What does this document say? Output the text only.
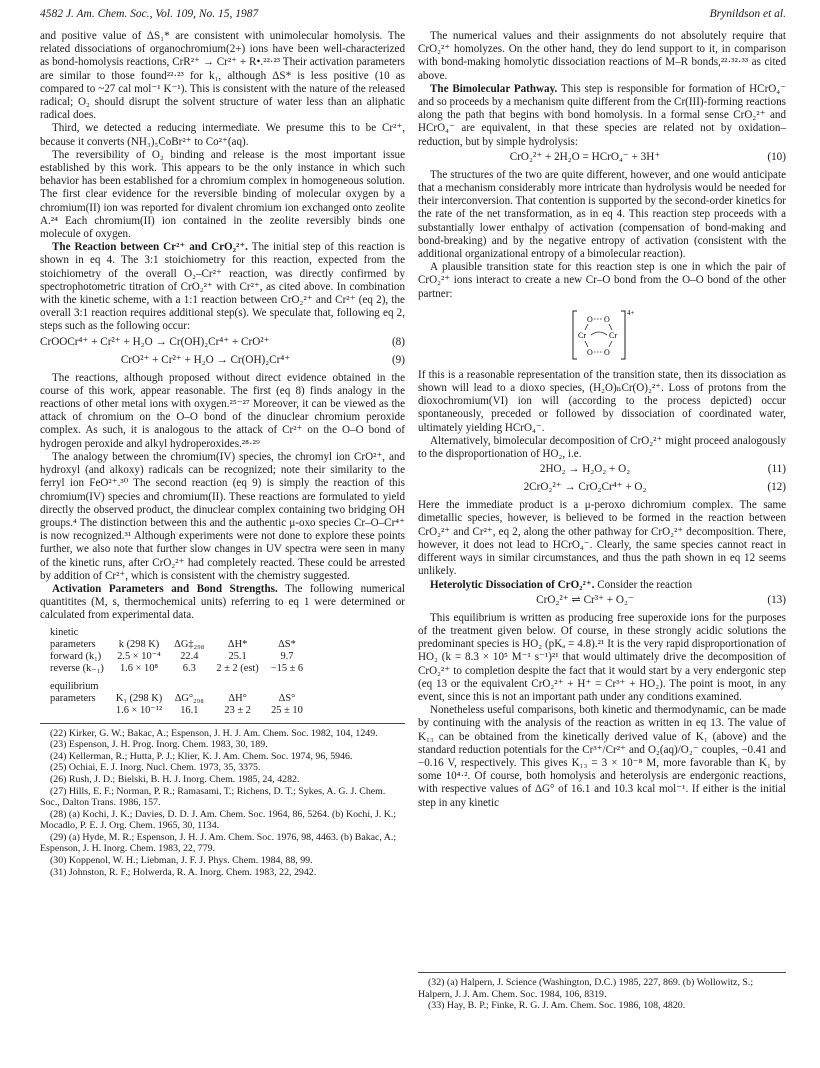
4582 J. Am. Chem. Soc., Vol. 109, No. 15, 1987	Brynildson et al.

and positive value of ΔS₁* are consistent with unimolecular homolysis. The related dissociations of organochromium(2+) ions have been well-characterized as bond-homolysis reactions, CrR²⁺ → Cr²⁺ + R•.²²·²³ Their activation parameters are similar to those found²²·²³ for k₁, although ΔS* is less positive (10 as compared to ~27 cal mol⁻¹ K⁻¹). This is consistent with the nature of the released radical; O₂ should disrupt the solvent structure of water less than an aliphatic radical does.

Third, we detected a reducing intermediate. We presume this to be Cr²⁺, because it converts (NH₃)₅CoBr²⁺ to Co²⁺(aq).

The reversibility of O₂ binding and release is the most important issue established by this work. This appears to be the only instance in which such behavior has been established for a chromium complex in homogeneous solution. The first clear evidence for the reversible binding of molecular oxygen by a chromium(II) ion was reported for divalent chromium ion exchanged onto zeolite A.²⁴ Each chromium(II) ion contained in the zeolite reversibly binds one molecule of oxygen.

The Reaction between Cr²⁺ and CrO₂²⁺. The initial step of this reaction is shown in eq 4. The 3:1 stoichiometry for this reaction, expected from the stoichiometry of the overall O₂–Cr²⁺ reaction, was directly confirmed by spectrophotometric titration of CrO₂²⁺ with Cr²⁺, as cited above. In combination with the kinetic scheme, with a 1:1 reaction between CrO₂²⁺ and Cr²⁺ (eq 2), the overall 3:1 reaction requires additional step(s). We speculate that, following eq 2, steps such as the following occur:

CrOOCr⁴⁺ + Cr²⁺ + H₂O → Cr(OH)₂Cr⁴⁺ + CrO²⁺	(8)
CrO²⁺ + Cr²⁺ + H₂O → Cr(OH)₂Cr⁴⁺	(9)

The reactions, although proposed without direct evidence obtained in the course of this work, appear reasonable. The first (eq 8) finds analogy in the reactions of other metal ions with oxygen.²⁵⁻²⁷ Moreover, it can be viewed as the attack of chromium on the O–O bond of the dinuclear chromium peroxide complex. As such, it is analogous to the attack of Cr²⁺ on the O–O bond of hydrogen peroxide and alkyl hydroperoxides.²⁸·²⁹

The analogy between the chromium(IV) species, the chromyl ion CrO²⁺, and hydroxyl (and alkoxy) radicals can be recognized; note their similarity to the ferryl ion FeO²⁺.³⁰ The second reaction (eq 9) is simply the reaction of this chromium(IV) species and chromium(II). These reactions are formulated to yield directly the observed product, the dinuclear complex containing two bridging OH groups.⁴ The distinction between this and the authentic μ-oxo species Cr–O–Cr⁴⁺ is now recognized.³¹ Although experiments were not done to explore these points further, we also note that further slow changes in UV spectra were seen in many of the kinetic runs, after CrO₂²⁺ had completely reacted. These could be arrested by addition of Cr²⁺, which is consistent with the chemistry suggested.

Activation Parameters and Bond Strengths. The following numerical quantitites (M, s, thermochemical units) referring to eq 1 were determined or calculated from experimental data.

kinetic				
parameters	k (298 K)	ΔG‡₂₉₈	ΔH*	ΔS*
forward (k₁)	2.5 × 10⁻⁴	22.4	25.1	9.7
reverse (k₋₁)	1.6 × 10⁸	6.3	2 ± 2 (est)	−15 ± 6

equilibrium				
parameters	K₁ (298 K)	ΔG°₂₉₈	ΔH°	ΔS°
	1.6 × 10⁻¹²	16.1	23 ± 2	25 ± 10
(22) Kirker, G. W.; Bakac, A.; Espenson, J. H. J. Am. Chem. Soc. 1982, 104, 1249.
(23) Espenson, J. H. Prog. Inorg. Chem. 1983, 30, 189.
(24) Kellerman, R.; Hutta, P. J.; Klier, K. J. Am. Chem. Soc. 1974, 96, 5946.
(25) Ochiai, E. J. Inorg. Nucl. Chem. 1973, 35, 3375.
(26) Rush, J. D.; Bielski, B. H. J. Inorg. Chem. 1985, 24, 4282.
(27) Hills, E. F.; Norman, P. R.; Ramasami, T.; Richens, D. T.; Sykes, A. G. J. Chem. Soc., Dalton Trans. 1986, 157.
(28) (a) Kochi, J. K.; Davies, D. D. J. Am. Chem. Soc. 1964, 86, 5264. (b) Kochi, J. K.; Mocadlo, P. E. J. Org. Chem. 1965, 30, 1134.
(29) (a) Hyde, M. R.; Espenson, J. H. J. Am. Chem. Soc. 1976, 98, 4463. (b) Bakac, A.; Espenson, J. H. Inorg. Chem. 1983, 22, 779.
(30) Koppenol, W. H.; Liebman, J. F. J. Phys. Chem. 1984, 88, 99.
(31) Johnston, R. F.; Holwerda, R. A. Inorg. Chem. 1983, 22, 2942.

The numerical values and their assignments do not absolutely require that CrO₂²⁺ homolyzes. On the other hand, they do lend support to it, in comparison with bond-making homolytic dissociation reactions of M–R bonds,²²·³²·³³ as cited above.

The Bimolecular Pathway. This step is responsible for formation of HCrO₄⁻ and so proceeds by a mechanism quite different from the Cr(III)-forming reactions along the path that begins with bond homolysis. In a formal sense CrO₂²⁺ and HCrO₄⁻ are equivalent, in that these species are related not by oxidation–reduction, but by simple hydrolysis:

CrO₂²⁺ + 2H₂O = HCrO₄⁻ + 3H⁺	(10)

The structures of the two are quite different, however, and one would anticipate that a mechanism considerably more intricate than hydrolysis would be needed for their interconversion. That contention is supported by the second-order kinetics for the rate of the net transformation, as in eq 4. This reaction step proceeds with a substantially lower enthalpy of activation (compensation of bond-making and bond-breaking) and by the negative entropy of activation (consistent with the additional organizational entropy of a bimolecular reaction).

A plausible transition state for this reaction step is one in which the pair of CrO₂²⁺ ions interact to create a new Cr–O bond from the O–O bond of the other partner:

4+
O O
Cr	Cr
O O

If this is a reasonable representation of the transition state, then its dissociation as shown will lead to a dioxo species, (H₂O)ₙCr(O)₂²⁺. Loss of protons from the dioxochromium(VI) ion will (according to the process depicted) occur spontaneously, preceded or followed by dissociation of coordinated water, ultimately yielding HCrO₄⁻.

Alternatively, bimolecular decomposition of CrO₂²⁺ might proceed analogously to the disproportionation of HO₂, i.e.

2HO₂ → H₂O₂ + O₂	(11)
2CrO₂²⁺ → CrO₂Cr⁴⁺ + O₂	(12)

Here the immediate product is a μ-peroxo dichromium complex. The same dimetallic species, however, is believed to be formed in the reaction between CrO₂²⁺ and Cr²⁺, eq 2, along the other pathway for CrO₂²⁺ decomposition. There, however, it does not lead to HCrO₄⁻. Clearly, the same species cannot react in different ways in similar circumstances, and thus the path shown in eq 12 seems unlikely.

Heterolytic Dissociation of CrO₂²⁺. Consider the reaction

CrO₂²⁺ ⇌ Cr³⁺ + O₂⁻	(13)

This equilibrium is written as producing free superoxide ions for the purposes of the treatment given below. Of course, in these strongly acidic solutions the predominant species is HO₂ (pKₐ = 4.8).²¹ It is the very rapid disproportionation of HO₂ (k = 8.3 × 10⁵ M⁻¹ s⁻¹)²¹ that would ultimately drive the decomposition of CrO₂²⁺ to completion despite the fact that it would start by a very endergonic step (eq 13 or the equivalent CrO₂²⁺ + H⁺ = Cr³⁺ + HO₂). The point is moot, in any event, since this is not an important path under any conditions examined.

Nonetheless useful comparisons, both kinetic and thermodynamic, can be made by continuing with the analysis of the reaction as written in eq 13. The value of K₁₃ can be obtained from the kinetically derived value of K₁ (above) and the standard reduction potentials for the Cr³⁺/Cr²⁺ and O₂(aq)/O₂⁻ couples, −0.41 and −0.16 V, respectively. This gives K₁₃ = 3 × 10⁻⁸ M, more favorable than K₁ by some 10⁴·². Of course, both homolysis and heterolysis are endergonic reactions, with respective values of ΔG° of 16.1 and 10.3 kcal mol⁻¹. If either is the initial step in any kinetic

(32) (a) Halpern, J. Science (Washington, D.C.) 1985, 227, 869. (b) Wollowitz, S.; Halpern, J. J. Am. Chem. Soc. 1984, 106, 8319.
(33) Hay, B. P.; Finke, R. G. J. Am. Chem. Soc. 1986, 108, 4820.
